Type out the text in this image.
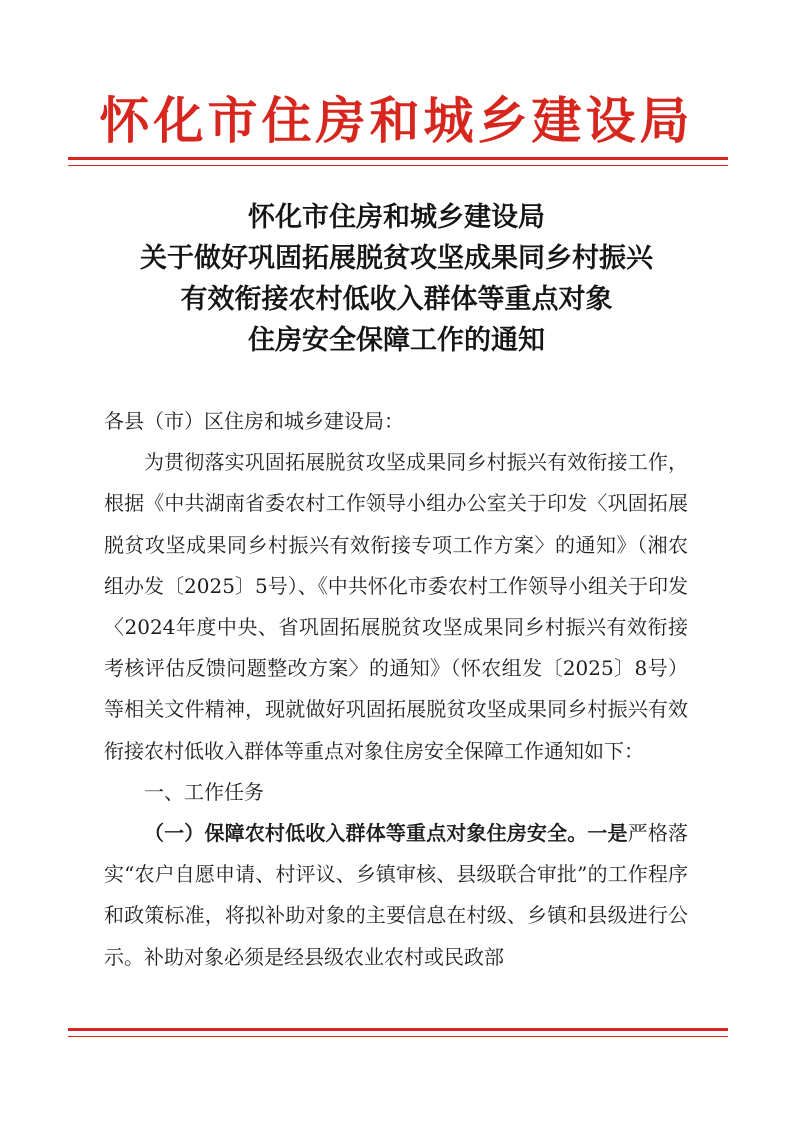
怀化市住房和城乡建设局
怀化市住房和城乡建设局
关于做好巩固拓展脱贫攻坚成果同乡村振兴
有效衔接农村低收入群体等重点对象
住房安全保障工作的通知

各县（市）区住房和城乡建设局：

为贯彻落实巩固拓展脱贫攻坚成果同乡村振兴有效衔接工作，根据《中共湖南省委农村工作领导小组办公室关于印发〈巩固拓展脱贫攻坚成果同乡村振兴有效衔接专项工作方案〉的通知》（湘农组办发〔2025〕5号）、《中共怀化市委农村工作领导小组关于印发〈2024年度中央、省巩固拓展脱贫攻坚成果同乡村振兴有效衔接考核评估反馈问题整改方案〉的通知》（怀农组发〔2025〕8号）等相关文件精神，现就做好巩固拓展脱贫攻坚成果同乡村振兴有效衔接农村低收入群体等重点对象住房安全保障工作通知如下：

一、工作任务

（一）保障农村低收入群体等重点对象住房安全。一是严格落实“农户自愿申请、村评议、乡镇审核、县级联合审批”的工作程序和政策标准，将拟补助对象的主要信息在村级、乡镇和县级进行公示。补助对象必须是经县级农业农村或民政部
